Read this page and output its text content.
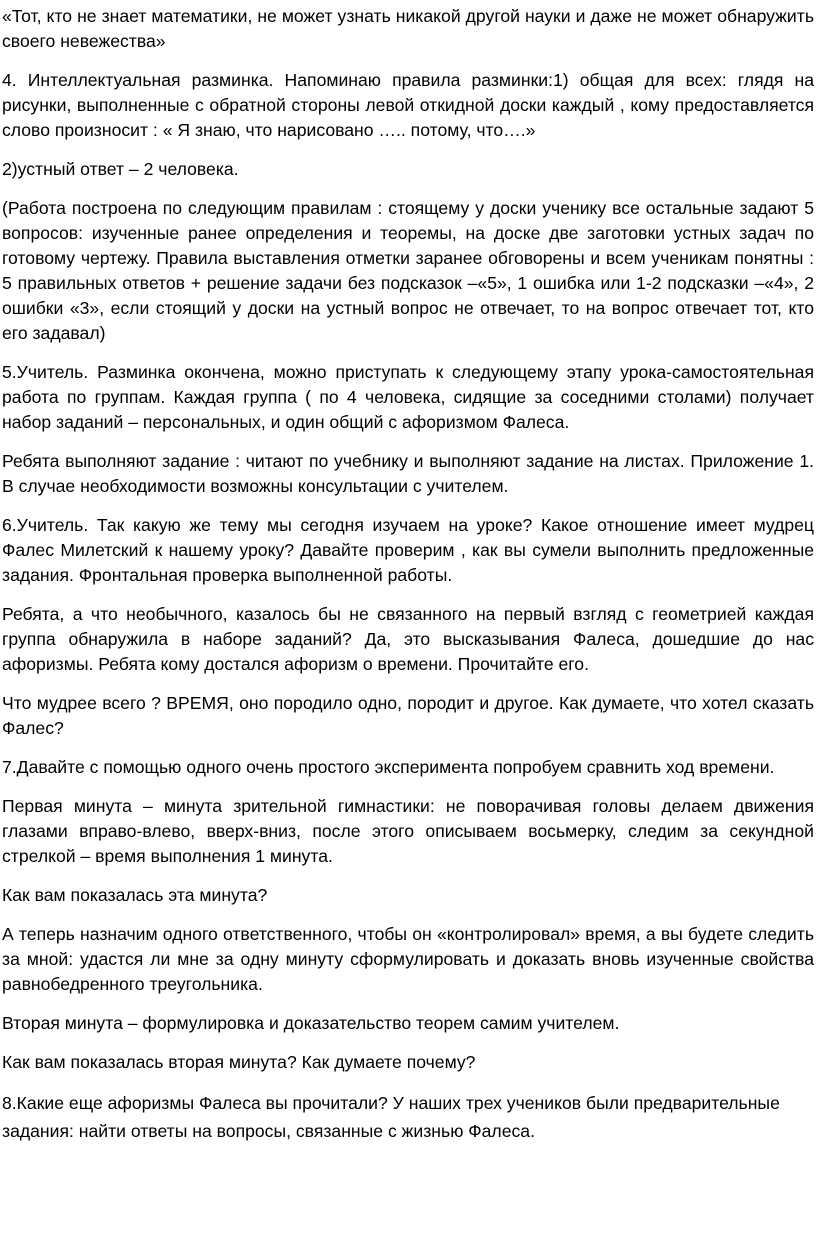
«Тот, кто не знает математики, не может узнать никакой другой науки и даже не может обнаружить своего невежества»

4. Интеллектуальная разминка. Напоминаю правила разминки:1) общая для всех: глядя на рисунки, выполненные с обратной стороны левой откидной доски каждый , кому предоставляется слово произносит : « Я знаю, что нарисовано ….. потому, что….»

2)устный ответ – 2 человека.

(Работа построена по следующим правилам : стоящему у доски ученику все остальные задают 5 вопросов: изученные ранее определения и теоремы, на доске две заготовки устных задач по готовому чертежу. Правила выставления отметки заранее обговорены и всем ученикам понятны : 5 правильных ответов + решение задачи без подсказок –«5», 1 ошибка или 1-2 подсказки –«4», 2 ошибки «3», если стоящий у доски на устный вопрос не отвечает, то на вопрос отвечает тот, кто его задавал)

5.Учитель. Разминка окончена, можно приступать к следующему этапу урока-самостоятельная работа по группам. Каждая группа ( по 4 человека, сидящие за соседними столами) получает набор заданий – персональных, и один общий с афоризмом Фалеса.

Ребята выполняют задание : читают по учебнику и выполняют задание на листах. Приложение 1. В случае необходимости возможны консультации с учителем.

6.Учитель. Так какую же тему мы сегодня изучаем на уроке? Какое отношение имеет мудрец Фалес Милетский к нашему уроку? Давайте проверим , как вы сумели выполнить предложенные задания. Фронтальная проверка выполненной работы.

Ребята, а что необычного, казалось бы не связанного на первый взгляд с геометрией каждая группа обнаружила в наборе заданий? Да, это высказывания Фалеса, дошедшие до нас афоризмы. Ребята кому достался афоризм о времени. Прочитайте его.

Что мудрее всего ? ВРЕМЯ, оно породило одно, породит и другое. Как думаете, что хотел сказать Фалес?

7.Давайте с помощью одного очень простого эксперимента попробуем сравнить ход времени.

Первая минута – минута зрительной гимнастики: не поворачивая головы делаем движения глазами вправо-влево, вверх-вниз, после этого описываем восьмерку, следим за секундной стрелкой – время выполнения 1 минута.

Как вам показалась эта минута?

А теперь назначим одного ответственного, чтобы он «контролировал» время, а вы будете следить за мной: удастся ли мне за одну минуту сформулировать и доказать вновь изученные свойства равнобедренного треугольника.

Вторая минута – формулировка и доказательство теорем самим учителем.

Как вам показалась вторая минута? Как думаете почему?

8.Какие еще афоризмы Фалеса вы прочитали? У наших трех учеников были предварительные задания: найти ответы на вопросы, связанные с жизнью Фалеса.
